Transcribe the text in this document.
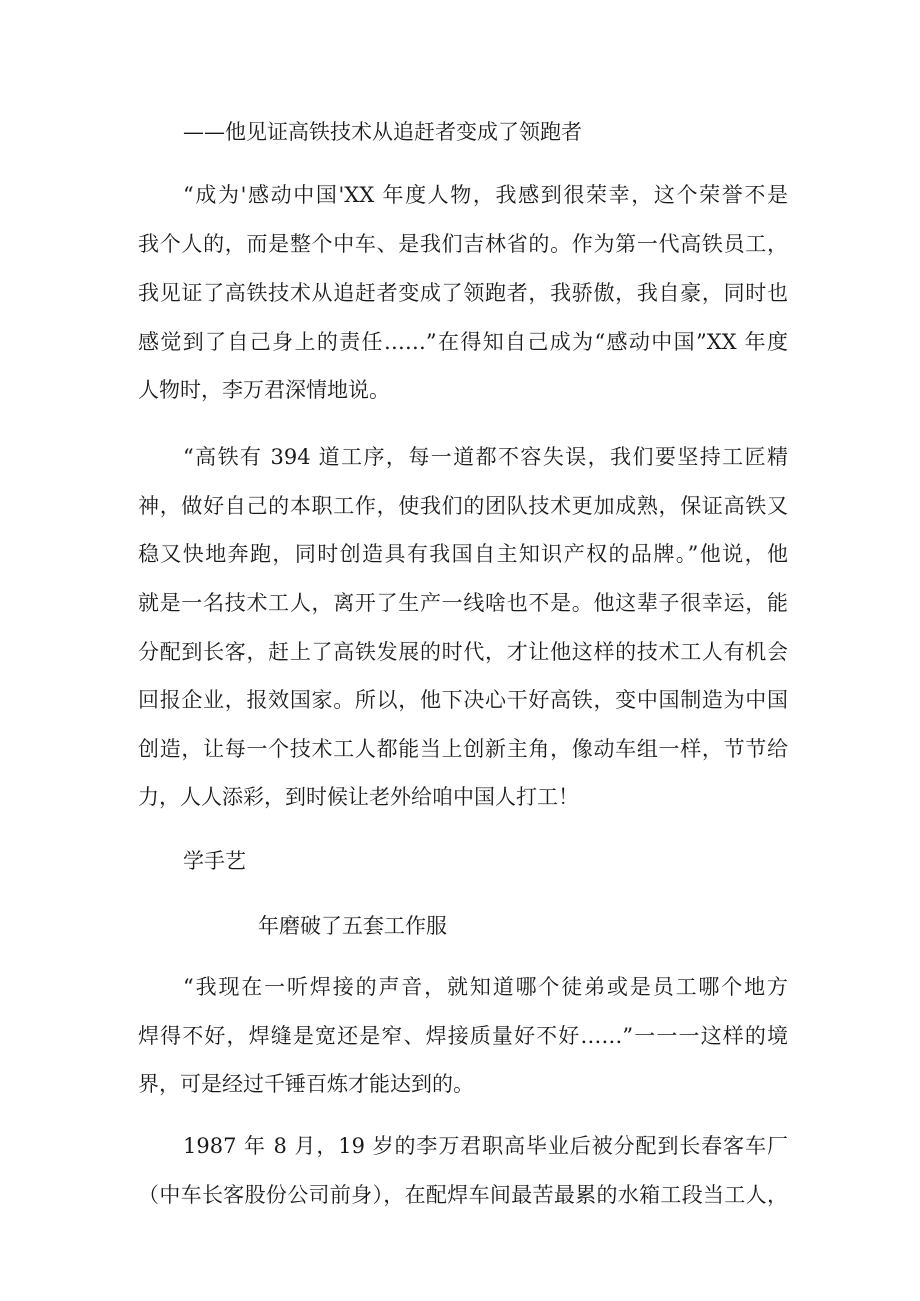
——他见证高铁技术从追赶者变成了领跑者
“成为'感动中国'XX 年度人物，我感到很荣幸，这个荣誉不是
我个人的，而是整个中车、是我们吉林省的。作为第一代高铁员工，
我见证了高铁技术从追赶者变成了领跑者，我骄傲，我自豪，同时也
感觉到了自己身上的责任……”在得知自己成为“感动中国”XX 年度
人物时，李万君深情地说。
“高铁有 394 道工序，每一道都不容失误，我们要坚持工匠精
神，做好自己的本职工作，使我们的团队技术更加成熟，保证高铁又
稳又快地奔跑，同时创造具有我国自主知识产权的品牌。”他说，他
就是一名技术工人，离开了生产一线啥也不是。他这辈子很幸运，能
分配到长客，赶上了高铁发展的时代，才让他这样的技术工人有机会
回报企业，报效国家。所以，他下决心干好高铁，变中国制造为中国
创造，让每一个技术工人都能当上创新主角，像动车组一样，节节给
力，人人添彩，到时候让老外给咱中国人打工！
学手艺
年磨破了五套工作服
“我现在一听焊接的声音，就知道哪个徒弟或是员工哪个地方
焊得不好，焊缝是宽还是窄、焊接质量好不好……”一一一这样的境
界，可是经过千锤百炼才能达到的。
1987 年 8 月，19 岁的李万君职高毕业后被分配到长春客车厂
（中车长客股份公司前身），在配焊车间最苦最累的水箱工段当工人，
